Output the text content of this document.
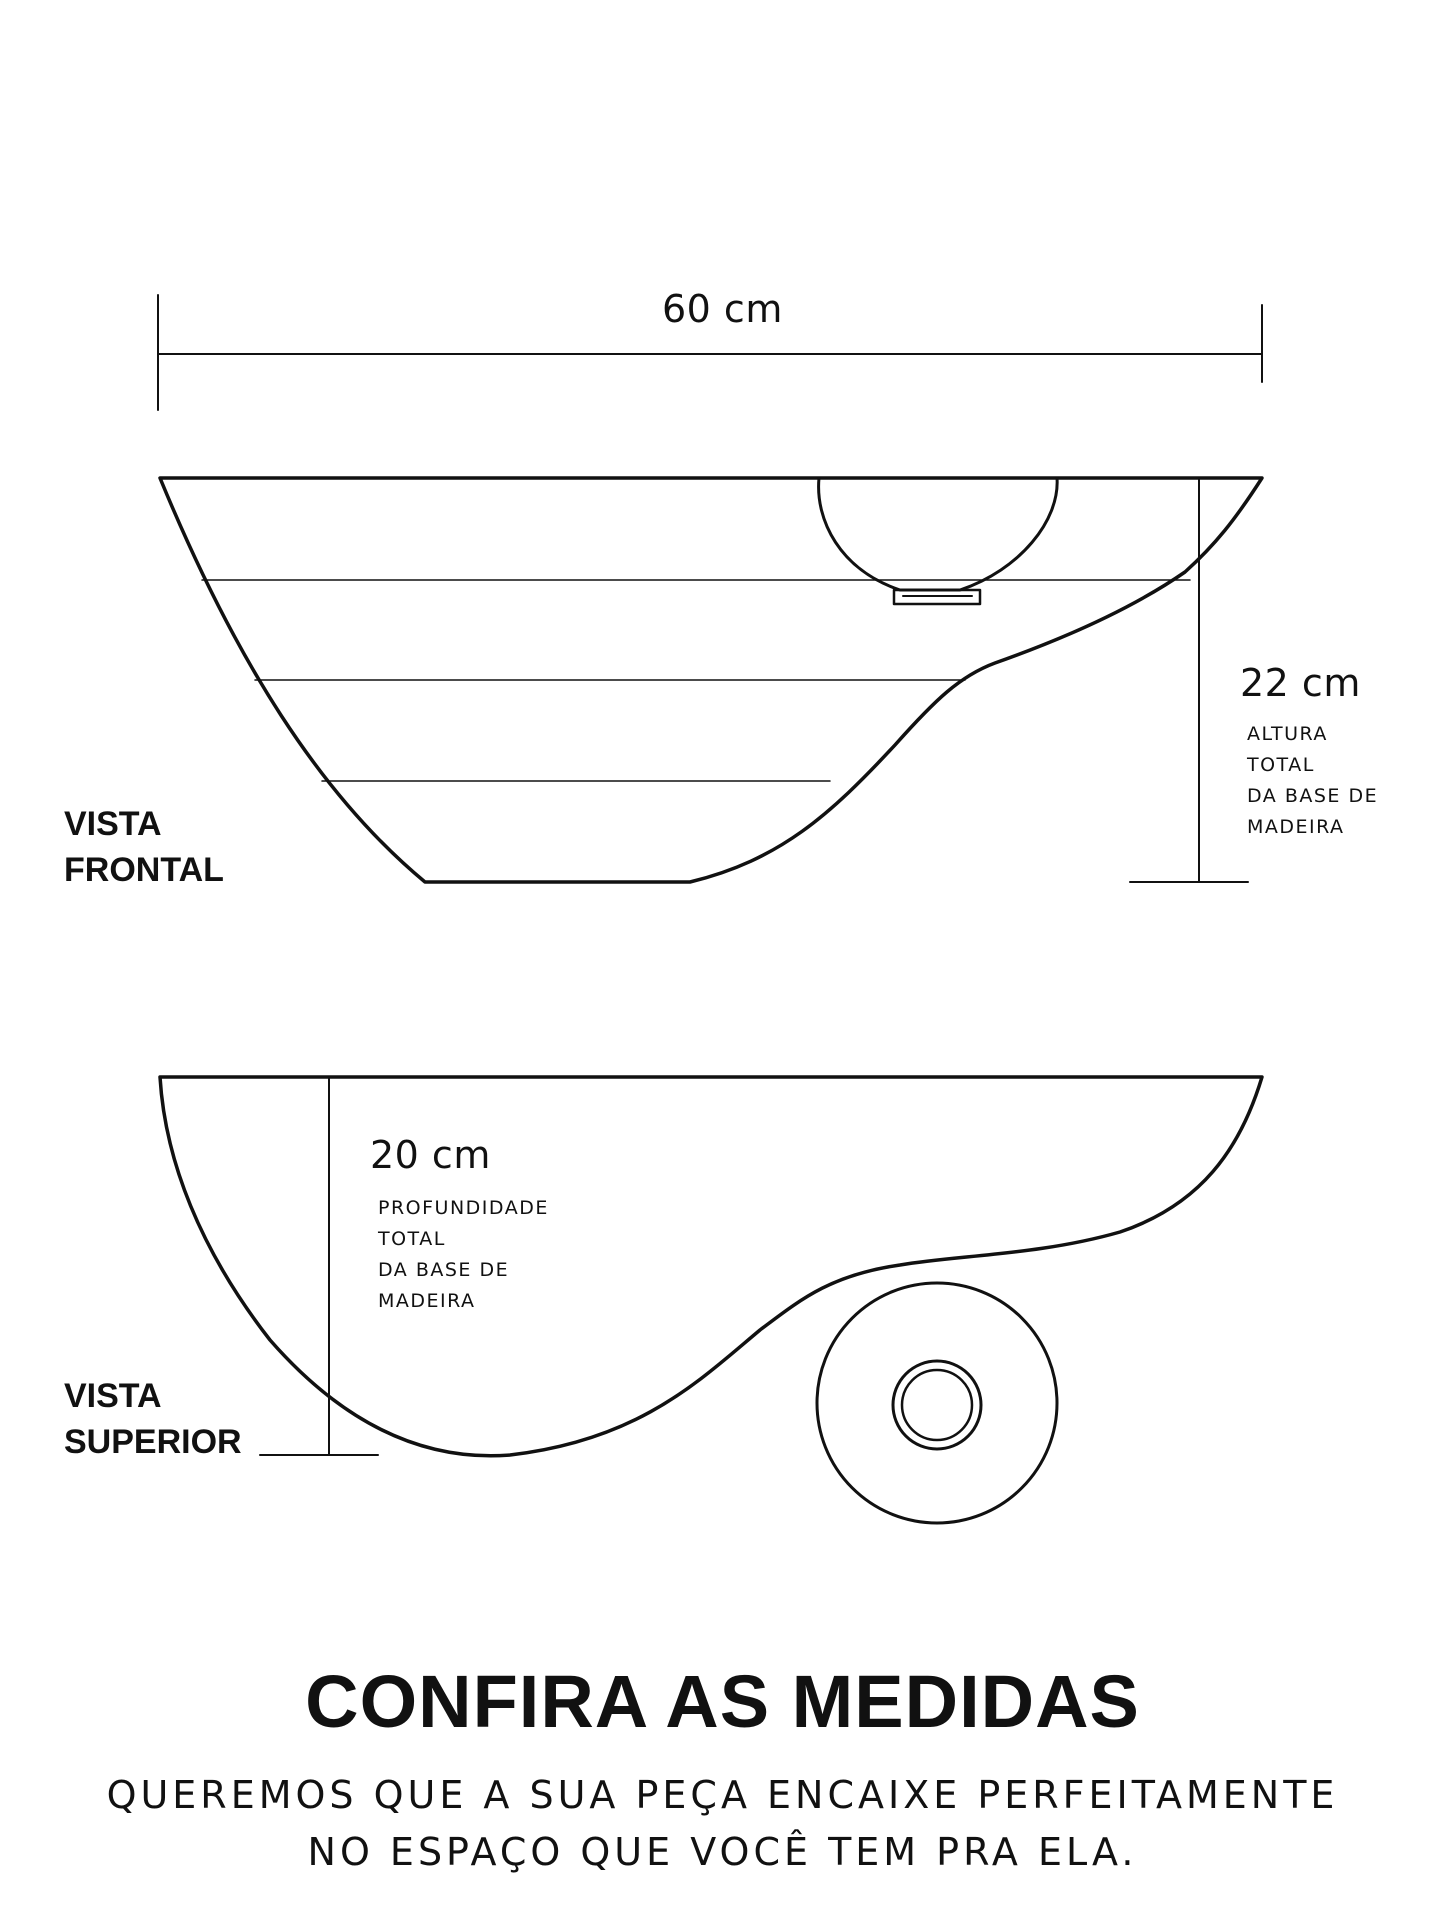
60 cm
22 cm
ALTURA
TOTAL
DA BASE DE
MADEIRA
20 cm
PROFUNDIDADE
TOTAL
DA BASE DE
MADEIRA
VISTA
FRONTAL
VISTA
SUPERIOR
CONFIRA AS MEDIDAS
QUEREMOS QUE A SUA PEÇA ENCAIXE PERFEITAMENTE
NO ESPAÇO QUE VOCÊ TEM PRA ELA.
